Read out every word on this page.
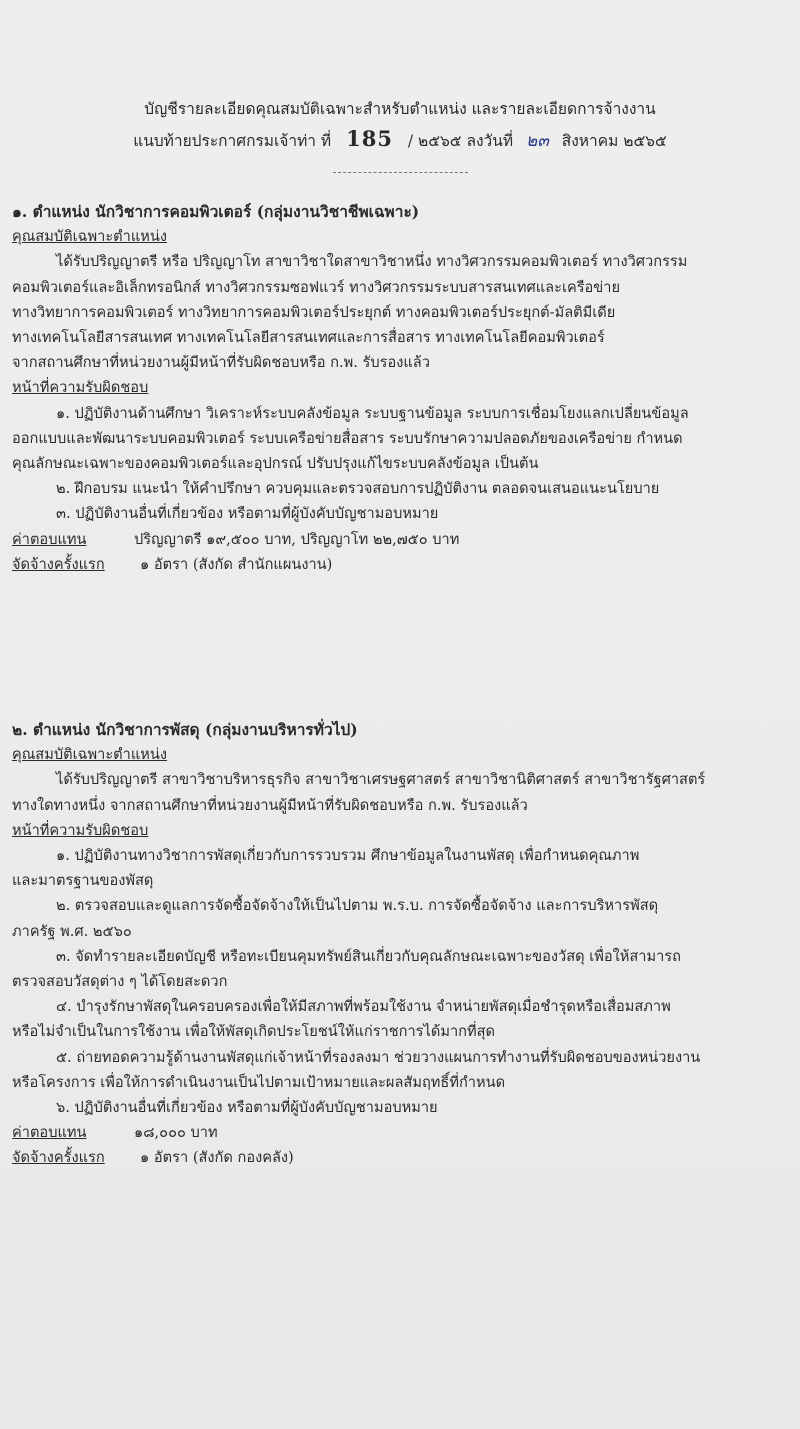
บัญชีรายละเอียดคุณสมบัติเฉพาะสำหรับตำแหน่ง และรายละเอียดการจ้างงาน
แนบท้ายประกาศกรมเจ้าท่า ที่ 185 / ๒๕๖๕ ลงวันที่ ๒๓ สิงหาคม ๒๕๖๕
๑. ตำแหน่ง นักวิชาการคอมพิวเตอร์ (กลุ่มงานวิชาชีพเฉพาะ)
คุณสมบัติเฉพาะตำแหน่ง
ได้รับปริญญาตรี หรือ ปริญญาโท สาขาวิชาใดสาขาวิชาหนึ่ง ทางวิศวกรรมคอมพิวเตอร์ ทางวิศวกรรม
คอมพิวเตอร์และอิเล็กทรอนิกส์ ทางวิศวกรรมซอฟแวร์ ทางวิศวกรรมระบบสารสนเทศและเครือข่าย
ทางวิทยาการคอมพิวเตอร์ ทางวิทยาการคอมพิวเตอร์ประยุกต์ ทางคอมพิวเตอร์ประยุกต์-มัลติมีเดีย
ทางเทคโนโลยีสารสนเทศ ทางเทคโนโลยีสารสนเทศและการสื่อสาร ทางเทคโนโลยีคอมพิวเตอร์
จากสถานศึกษาที่หน่วยงานผู้มีหน้าที่รับผิดชอบหรือ ก.พ. รับรองแล้ว
หน้าที่ความรับผิดชอบ
๑. ปฏิบัติงานด้านศึกษา วิเคราะห์ระบบคลังข้อมูล ระบบฐานข้อมูล ระบบการเชื่อมโยงแลกเปลี่ยนข้อมูล
ออกแบบและพัฒนาระบบคอมพิวเตอร์ ระบบเครือข่ายสื่อสาร ระบบรักษาความปลอดภัยของเครือข่าย กำหนด
คุณลักษณะเฉพาะของคอมพิวเตอร์และอุปกรณ์ ปรับปรุงแก้ไขระบบคลังข้อมูล เป็นต้น
๒. ฝึกอบรม แนะนำ ให้คำปรึกษา ควบคุมและตรวจสอบการปฏิบัติงาน ตลอดจนเสนอแนะนโยบาย
๓. ปฏิบัติงานอื่นที่เกี่ยวข้อง หรือตามที่ผู้บังคับบัญชามอบหมาย
ค่าตอบแทน	ปริญญาตรี ๑๙,๕๐๐ บาท, ปริญญาโท ๒๒,๗๕๐ บาท
จัดจ้างครั้งแรก	๑ อัตรา (สังกัด สำนักแผนงาน)
๒. ตำแหน่ง นักวิชาการพัสดุ (กลุ่มงานบริหารทั่วไป)
คุณสมบัติเฉพาะตำแหน่ง
ได้รับปริญญาตรี สาขาวิชาบริหารธุรกิจ สาขาวิชาเศรษฐศาสตร์ สาขาวิชานิติศาสตร์ สาขาวิชารัฐศาสตร์
ทางใดทางหนึ่ง จากสถานศึกษาที่หน่วยงานผู้มีหน้าที่รับผิดชอบหรือ ก.พ. รับรองแล้ว
หน้าที่ความรับผิดชอบ
๑. ปฏิบัติงานทางวิชาการพัสดุเกี่ยวกับการรวบรวม ศึกษาข้อมูลในงานพัสดุ เพื่อกำหนดคุณภาพ
และมาตรฐานของพัสดุ
๒. ตรวจสอบและดูแลการจัดซื้อจัดจ้างให้เป็นไปตาม พ.ร.บ. การจัดซื้อจัดจ้าง และการบริหารพัสดุ
ภาครัฐ พ.ศ. ๒๕๖๐
๓. จัดทำรายละเอียดบัญชี หรือทะเบียนคุมทรัพย์สินเกี่ยวกับคุณลักษณะเฉพาะของวัสดุ เพื่อให้สามารถ
ตรวจสอบวัสดุต่าง ๆ ได้โดยสะดวก
๔. บำรุงรักษาพัสดุในครอบครองเพื่อให้มีสภาพที่พร้อมใช้งาน จำหน่ายพัสดุเมื่อชำรุดหรือเสื่อมสภาพ
หรือไม่จำเป็นในการใช้งาน เพื่อให้พัสดุเกิดประโยชน์ให้แก่ราชการได้มากที่สุด
๕. ถ่ายทอดความรู้ด้านงานพัสดุแก่เจ้าหน้าที่รองลงมา ช่วยวางแผนการทำงานที่รับผิดชอบของหน่วยงาน
หรือโครงการ เพื่อให้การดำเนินงานเป็นไปตามเป้าหมายและผลสัมฤทธิ์ที่กำหนด
๖. ปฏิบัติงานอื่นที่เกี่ยวข้อง หรือตามที่ผู้บังคับบัญชามอบหมาย
ค่าตอบแทน	๑๘,๐๐๐ บาท
จัดจ้างครั้งแรก	๑ อัตรา (สังกัด กองคลัง)
